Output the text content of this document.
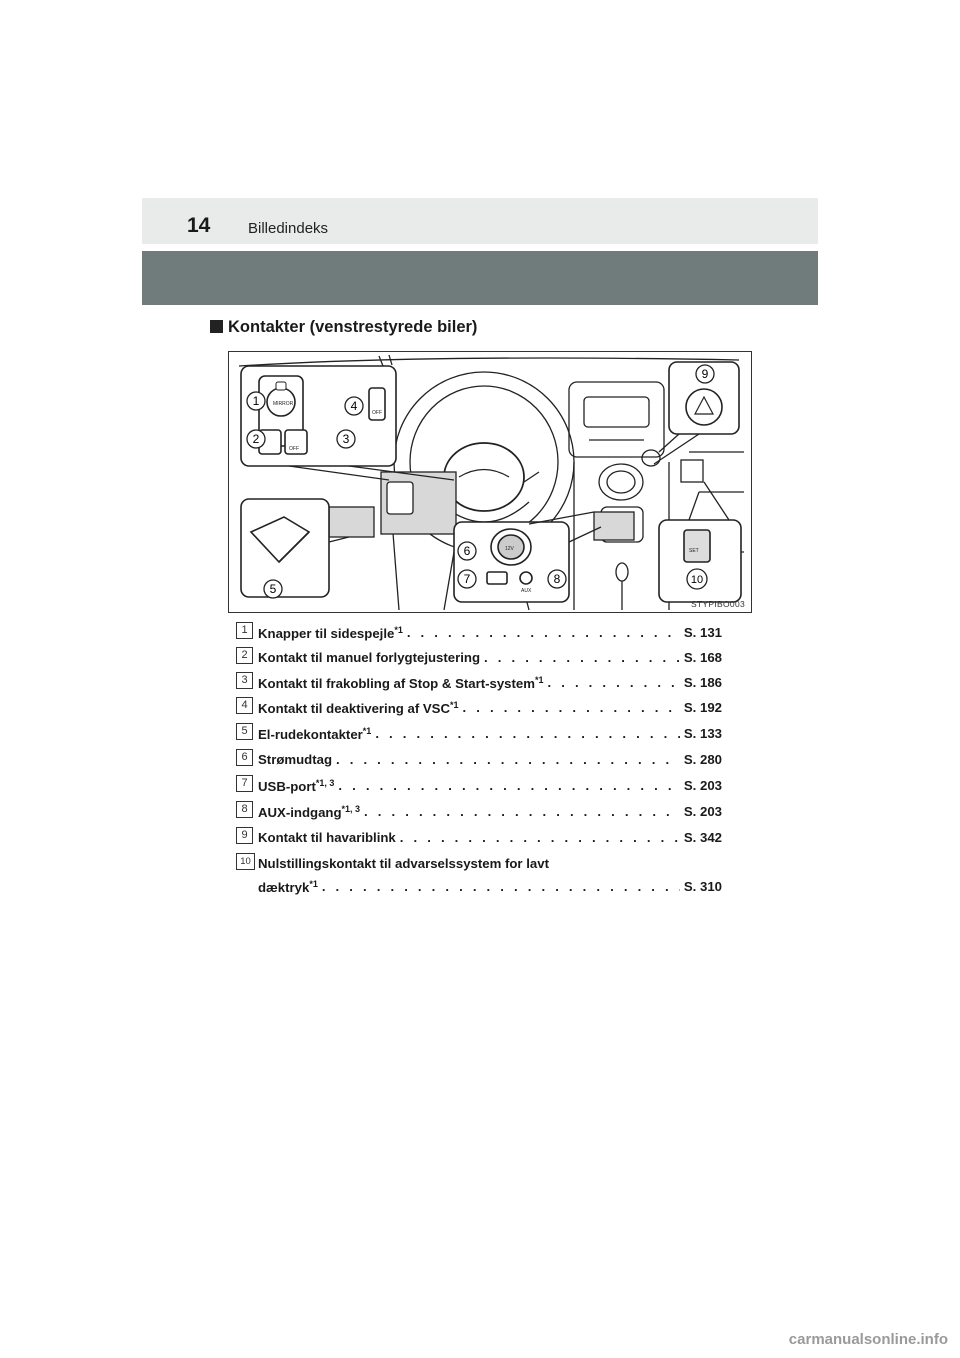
14	Billedindeks
Kontakter (venstrestyrede biler)
1
2	3
4
5
6
7	8
9
10
MIRROR
OFF
OFF
12V
AUX
SET
STYPIBO003
1 Knapper til sidespejle$^{*1}$ . . .	S. 131
2 Kontakt til manuel forlygtejustering . . .	S. 168
3 Kontakt til frakobling af Stop & Start-system$^{*1}$ . . .	S. 186
4 Kontakt til deaktivering af VSC$^{*1}$ . . .	S. 192
5 El-rudekontakter$^{*1}$ . . .	S. 133
6 Strømudtag . . .	S. 280
7 USB-port$^{*1, 3}$ . . .	S. 203
8 AUX-indgang$^{*1, 3}$ . . .	S. 203
9 Kontakt til havariblink . . .	S. 342
10 Nulstillingskontakt til advarselssystem for lavt
dæktryk$^{*1}$ . . .	S. 310
carmanualsonline.info
